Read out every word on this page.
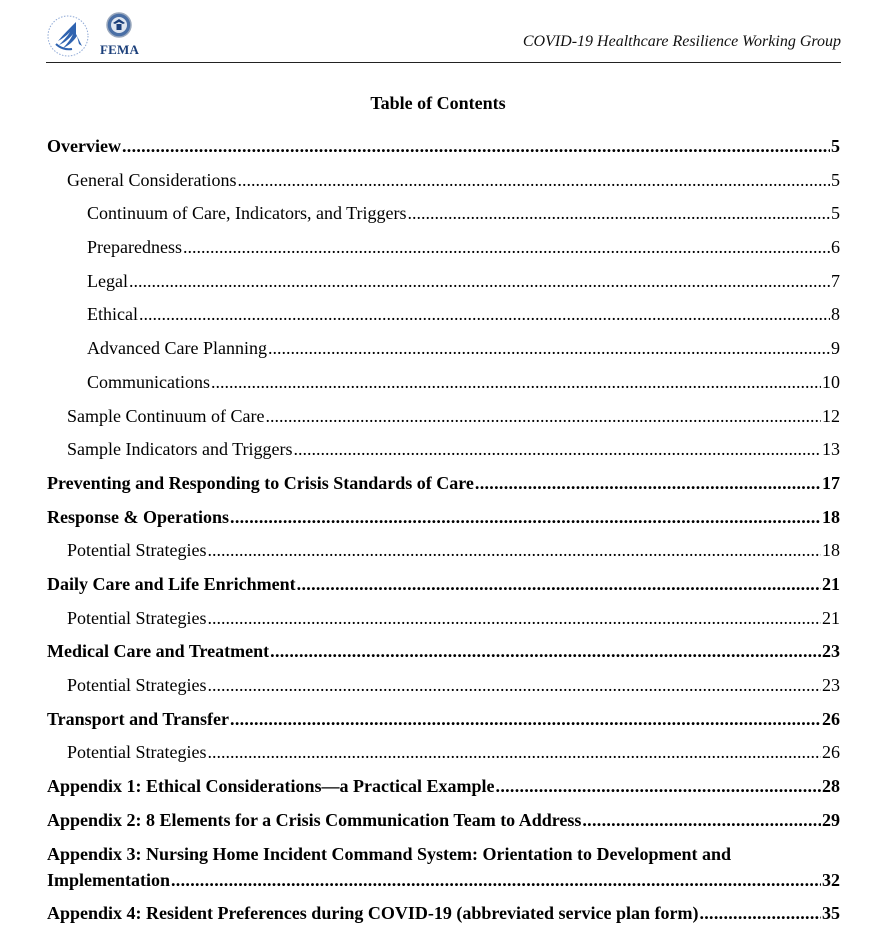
FEMA	COVID-19 Healthcare Resilience Working Group
Table of Contents
Overview .....	5
General Considerations .....	5
Continuum of Care, Indicators, and Triggers .....	5
Preparedness .....	6
Legal .....	7
Ethical .....	8
Advanced Care Planning .....	9
Communications .....	10
Sample Continuum of Care .....	12
Sample Indicators and Triggers .....	13
Preventing and Responding to Crisis Standards of Care .....	17
Response & Operations .....	18
Potential Strategies .....	18
Daily Care and Life Enrichment .....	21
Potential Strategies .....	21
Medical Care and Treatment .....	23
Potential Strategies .....	23
Transport and Transfer .....	26
Potential Strategies .....	26
Appendix 1: Ethical Considerations—a Practical Example .....	28
Appendix 2: 8 Elements for a Crisis Communication Team to Address .....	29
Appendix 3: Nursing Home Incident Command System: Orientation to Development and
Implementation .....	32
Appendix 4: Resident Preferences during COVID-19 (abbreviated service plan form) .....	35
